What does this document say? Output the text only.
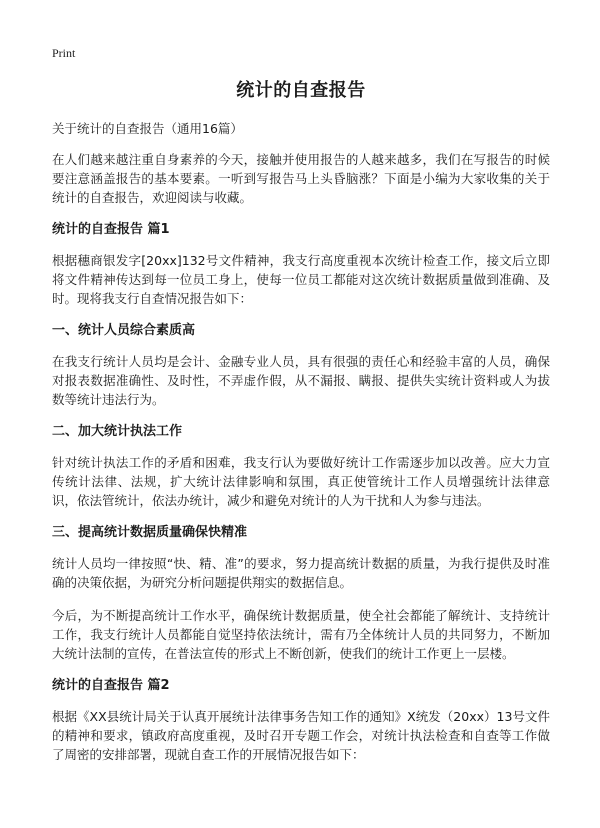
Print
统计的自查报告
关于统计的自查报告（通用16篇）
在人们越来越注重自身素养的今天，接触并使用报告的人越来越多，我们在写报告的时候要注意涵盖报告的基本要素。一听到写报告马上头昏脑涨？下面是小编为大家收集的关于统计的自查报告，欢迎阅读与收藏。
统计的自查报告 篇1
根据穗商银发字[20xx]132号文件精神，我支行高度重视本次统计检查工作，接文后立即将文件精神传达到每一位员工身上，使每一位员工都能对这次统计数据质量做到准确、及时。现将我支行自查情况报告如下：
一、统计人员综合素质高
在我支行统计人员均是会计、金融专业人员，具有很强的责任心和经验丰富的人员，确保对报表数据准确性、及时性，不弄虚作假，从不漏报、瞒报、提供失实统计资料或人为拔数等统计违法行为。
二、加大统计执法工作
针对统计执法工作的矛盾和困难，我支行认为要做好统计工作需逐步加以改善。应大力宣传统计法律、法规，扩大统计法律影响和氛围，真正使管统计工作人员增强统计法律意识，依法管统计，依法办统计，减少和避免对统计的人为干扰和人为参与违法。
三、提高统计数据质量确保快精准
统计人员均一律按照“快、精、准”的要求，努力提高统计数据的质量，为我行提供及时准确的决策依据，为研究分析问题提供翔实的数据信息。
今后，为不断提高统计工作水平，确保统计数据质量，使全社会都能了解统计、支持统计工作，我支行统计人员都能自觉坚持依法统计，需有乃全体统计人员的共同努力，不断加大统计法制的宣传，在普法宣传的形式上不断创新，使我们的统计工作更上一层楼。
统计的自查报告 篇2
根据《XX县统计局关于认真开展统计法律事务告知工作的通知》X统发（20xx）13号文件的精神和要求，镇政府高度重视，及时召开专题工作会，对统计执法检查和自查等工作做了周密的安排部署，现就自查工作的开展情况报告如下：
